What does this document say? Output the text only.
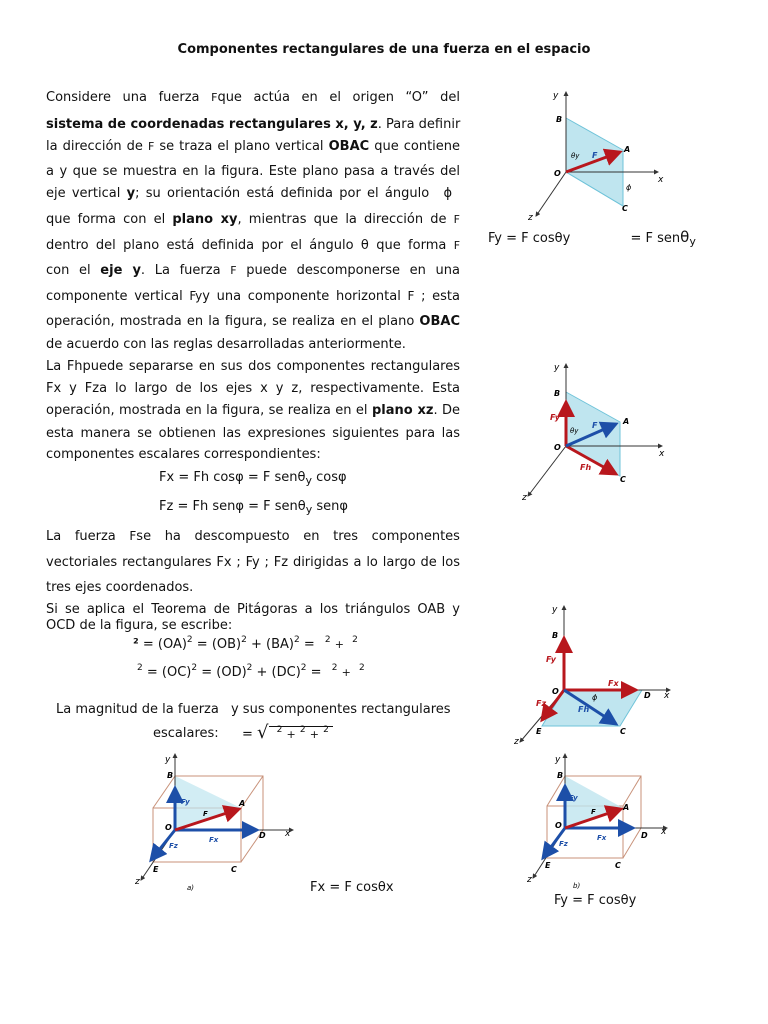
Componentes rectangulares de una fuerza en el espacio
Considere una fuerza Fque actúa en el origen “O” del
sistema de coordenadas rectangulares x, y, z. Para definir
la dirección de F se traza el plano vertical OBAC que contiene
a y que se muestra en la figura. Este plano pasa a través del
eje vertical y; su orientación está definida por el ángulo ϕ
que forma con el plano xy, mientras que la dirección de F
dentro del plano está definida por el ángulo θ que forma F
con el eje y. La fuerza F puede descomponerse en una
componente vertical Fyy una componente horizontal F ; esta
operación, mostrada en la figura, se realiza en el plano OBAC
de acuerdo con las reglas desarrolladas anteriormente.
La Fhpuede separarse en sus dos componentes rectangulares
Fx y Fza lo largo de los ejes x y z, respectivamente. Esta
operación, mostrada en la figura, se realiza en el plano xz. De
esta manera se obtienen las expresiones siguientes para las
componentes escalares correspondientes:
Fx = Fh cosφ = F senθ$_y$ cosφ
Fz = Fh senφ = F senθ$_y$ senφ
La fuerza Fse ha descompuesto en tres componentes
vectoriales rectangulares Fx ; Fy ; Fz dirigidas a lo largo de los
tres ejes coordenados.
Si se aplica el Teorema de Pitágoras a los triángulos OAB y
OCD de la figura, se escribe:
² = (OA)$^2$ = (OB)$^2$ + (BA)$^2$ = $^2$ + $^2$
$^2$ = (OC)$^2$ = (OD)$^2$ + (DC)$^2$ = $^2$ + $^2$
La magnitud de la fuerza y sus componentes rectangulares
escalares: = √ $^2$ + $^2$ + $^2$
y
x
z
O
B
A
C
F
θy
ϕ
Fy = F cosθy	= F senθ$_y$
y
x
z
O
B
A
C
Fy
Fh
F
θy
y
x
z
O
B
D
C
E
Fy
Fx
Fz
Fh
ϕ
y
x
z
O
B
A
D
C
E
Fy
Fx
Fz
F
a)	Fx = F cosθx
y
x
z
O
B
A
D
C
E
Fy
Fx
Fz
F
b)
Fy = F cosθy
